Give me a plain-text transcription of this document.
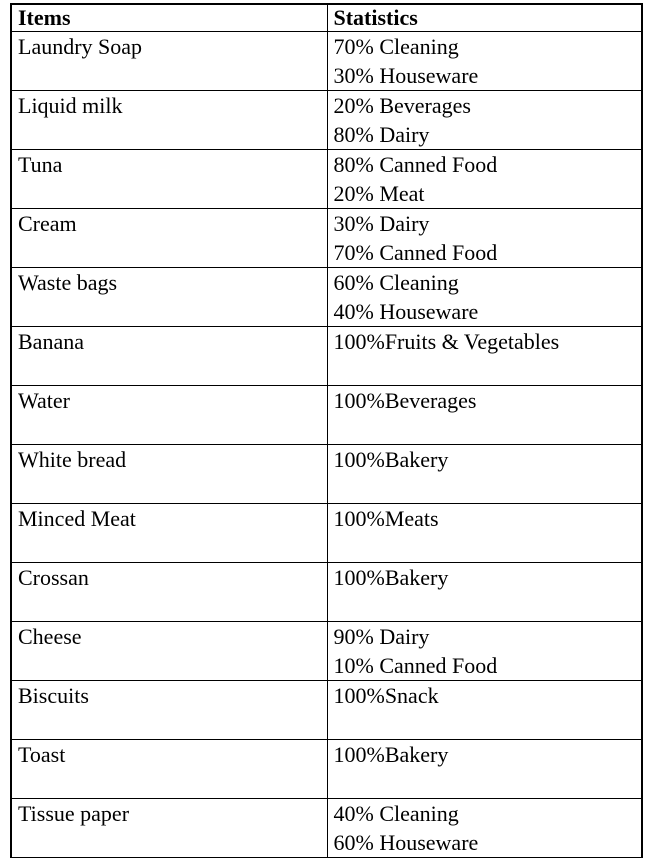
Items	Statistics
Laundry Soap	70% Cleaning
30% Houseware

Liquid milk	20% Beverages
80% Dairy

Tuna	80% Canned Food
20% Meat

Cream	30% Dairy
70% Canned Food

Waste bags	60% Cleaning
40% Houseware

Banana	100%Fruits & Vegetables

Water	100%Beverages

White bread	100%Bakery

Minced Meat	100%Meats

Crossan	100%Bakery

Cheese	90% Dairy
10% Canned Food

Biscuits	100%Snack

Toast	100%Bakery

Tissue paper	40% Cleaning
60% Houseware
